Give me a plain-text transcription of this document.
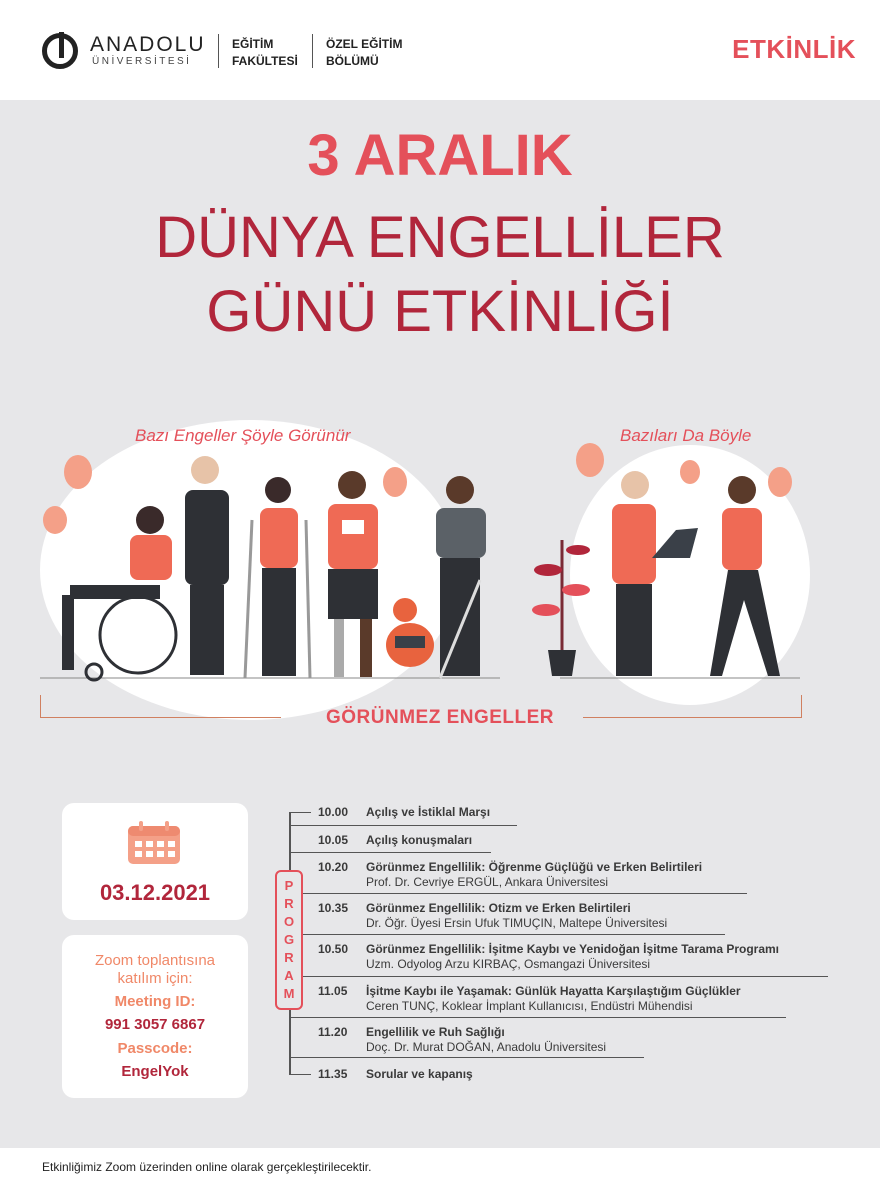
ANADOLU
ÜNİVERSİTESİ
EĞİTİM
FAKÜLTESİ
ÖZEL EĞİTİM
BÖLÜMÜ	ETKİNLİK
3 ARALIK
DÜNYA ENGELLİLER
GÜNÜ ETKİNLİĞİ
Bazı Engeller Şöyle Görünür	Bazıları Da Böyle
GÖRÜNMEZ ENGELLER
03.12.2021
Zoom toplantısına
katılım için:
Meeting ID:
991 3057 6867
Passcode:
EngelYok
P
R
O
G
R
A
M
10.00 Açılış ve İstiklal Marşı
10.05 Açılış konuşmaları
10.20 Görünmez Engellilik: Öğrenme Güçlüğü ve Erken Belirtileri
Prof. Dr. Cevriye ERGÜL, Ankara Üniversitesi
10.35 Görünmez Engellilik: Otizm ve Erken Belirtileri
Dr. Öğr. Üyesi Ersin Ufuk TIMUÇIN, Maltepe Üniversitesi
10.50 Görünmez Engellilik: İşitme Kaybı ve Yenidoğan İşitme Tarama Programı
Uzm. Odyolog Arzu KIRBAÇ, Osmangazi Üniversitesi
11.05 İşitme Kaybı ile Yaşamak: Günlük Hayatta Karşılaştığım Güçlükler
Ceren TUNÇ, Koklear İmplant Kullanıcısı, Endüstri Mühendisi
11.20 Engellilik ve Ruh Sağlığı
Doç. Dr. Murat DOĞAN, Anadolu Üniversitesi
11.35 Sorular ve kapanış
Etkinliğimiz Zoom üzerinden online olarak gerçekleştirilecektir.
